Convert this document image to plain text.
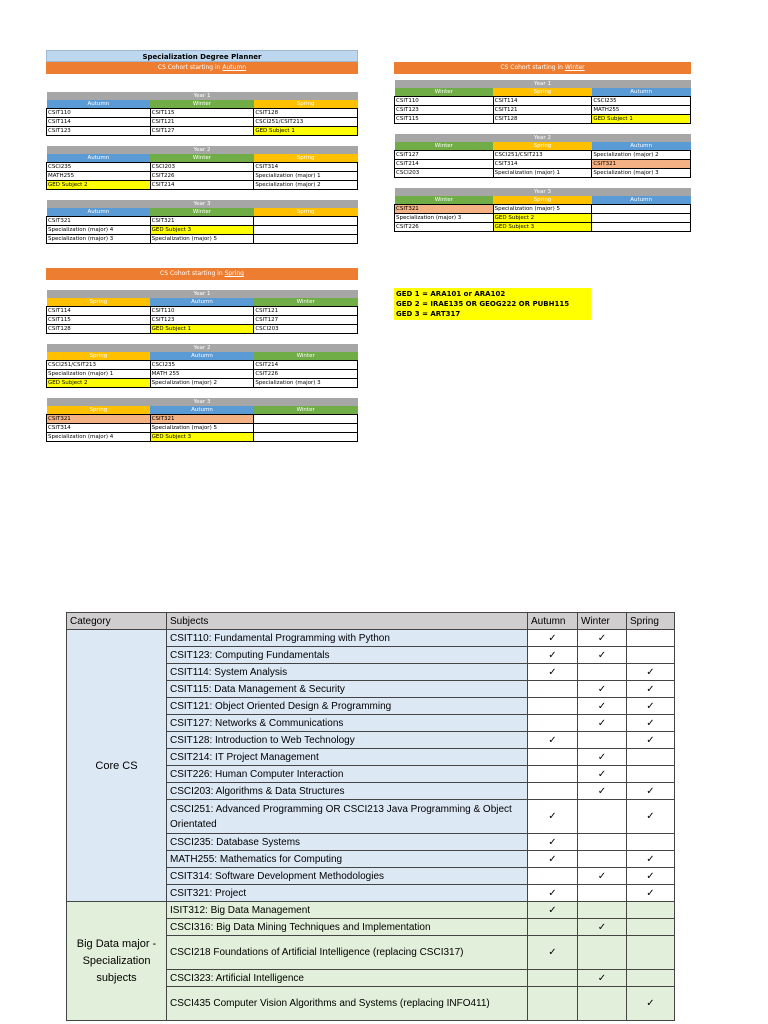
Specialization Degree Planner
CS Cohort starting in Autumn
Year 1		
Autumn	Winter	Spring
CSIT110	CSIT115	CSIT128
CSIT114	CSIT121	CSCI251/CSIT213
CSIT123	CSIT127	GED Subject 1
Year 2		
Autumn	Winter	Spring
CSCI235	CSCI203	CSIT314
MATH255	CSIT226	Specialization (major) 1
GED Subject 2	CSIT214	Specialization (major) 2
Year 3		
Autumn	Winter	Spring
CSIT321	CSIT321	
Specialization (major) 4	GED Subject 3	
Specialization (major) 3	Specialization (major) 5	
CS Cohort starting in Winter
Year 1		
Winter	Spring	Autumn
CSIT110	CSIT114	CSCI235
CSIT123	CSIT121	MATH255
CSIT115	CSIT128	GED Subject 1
Year 2		
Winter	Spring	Autumn
CSIT127	CSCI251/CSIT213	Specialization (major) 2
CSIT214	CSIT314	CSIT321
CSCI203	Specialization (major) 1	Specialization (major) 3
Year 3		
Winter	Spring	Autumn
CSIT321	Specialization (major) 5	
Specialization (major) 3	GED Subject 2	
CSIT226	GED Subject 3	
CS Cohort starting in Spring
Year 1		
Spring	Autumn	Winter
CSIT114	CSIT110	CSIT121
CSIT115	CSIT123	CSIT127
CSIT128	GED Subject 1	CSCI203
Year 2		
Spring	Autumn	Winter
CSCI251/CSIT213	CSCI235	CSIT214
Specialization (major) 1	MATH 255	CSIT226
GED Subject 2	Specialization (major) 2	Specialization (major) 3
Year 3		
Spring	Autumn	Winter
CSIT321	CSIT321	
CSIT314	Specialization (major) 5	
Specialization (major) 4	GED Subject 3	
GED 1 = ARA101 or ARA102
GED 2 = IRAE135 OR GEOG222 OR PUBH115
GED 3 = ART317
Category	Subjects	Autumn	Winter	Spring
Core CS	CSIT110: Fundamental Programming with Python	✓	✓	
	CSIT123: Computing Fundamentals	✓	✓	
	CSIT114: System Analysis	✓		✓
	CSIT115: Data Management & Security		✓	✓
	CSIT121: Object Oriented Design & Programming		✓	✓
	CSIT127: Networks & Communications		✓	✓
	CSIT128: Introduction to Web Technology	✓		✓
	CSIT214: IT Project Management		✓	
	CSIT226: Human Computer Interaction		✓	
	CSCI203: Algorithms & Data Structures		✓	✓
	CSCI251: Advanced Programming OR CSCI213 Java Programming & Object Orientated	✓		✓
	CSCI235: Database Systems	✓		
	MATH255: Mathematics for Computing	✓		✓
	CSIT314: Software Development Methodologies		✓	✓
	CSIT321: Project	✓		✓
Big Data major - Specialization subjects	ISIT312: Big Data Management	✓		
	CSCI316: Big Data Mining Techniques and Implementation		✓	
	CSCI218 Foundations of Artificial Intelligence (replacing CSCI317)	✓		
	CSCI323: Artificial Intelligence		✓	
	CSCI435 Computer Vision Algorithms and Systems (replacing INFO411)			✓
